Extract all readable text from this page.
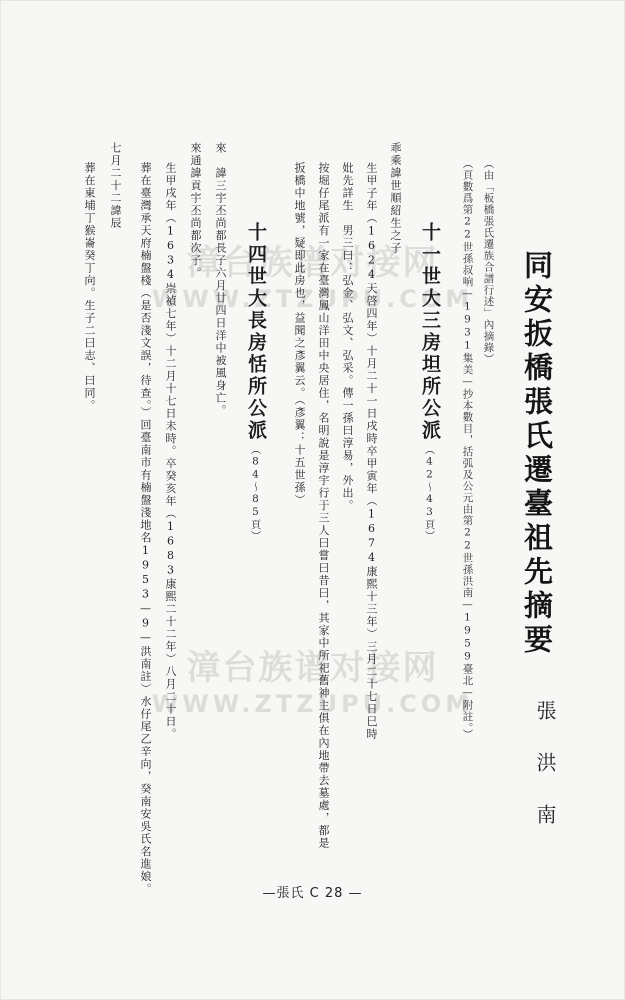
漳台族谱对接网
WWW.ZTZUPU.COM
漳台族谱对接网
WWW.ZTZUPU.COM
同安扳橋張氏遷臺祖先摘要
張洪南
（由「板橋張氏遷族合譜行述」內摘錄）
（頁數爲第22世孫叔响—1931集美—抄本數目，括弧及公元由第22世孫洪南—1959臺北—附註。）
十一世大三房坦所公派
（42～43頁）
乖乘諱世順紹生之子
生甲子年（1624天啓四年）十月二十一日戌時卒甲寅年（1674康熙十三年）三月二十七日巳時
妣先詳生　男三曰：弘金、弘文、弘采。傳一孫曰淳易，外出。
按堀仔尾派有一家在臺灣鳳山洋田中央居住，名明說是淳宇行于三人曰嘗曰昔曰，其家中所祀舊神主俱在內地帶去墓處，都是
扳橋中地號，疑即此房也，益聞之彥翼云。（彥翼：十五世孫）
十四世大長房恬所公派
（84～85頁）
來　諱三宇丕尚都長子六月廿四日洋中被風身亡。
來通諱貢宇丕尚都次子。
生甲戌年（1634崇禎七年）十二月十七日未時。卒癸亥年（1683康熙二十二年）八月二十日。
葬在臺灣承天府楠盤棧（是否淺文誤，待查。）回臺南市有楠盤淺地名1953—9—洪南註）水仔尾乙辛向，癸南安吳氏名進娘。
七月二十二諱辰
葬在東埔丁猴崙癸丁向。生子二曰志、曰同。
—張氏 C 28 —
